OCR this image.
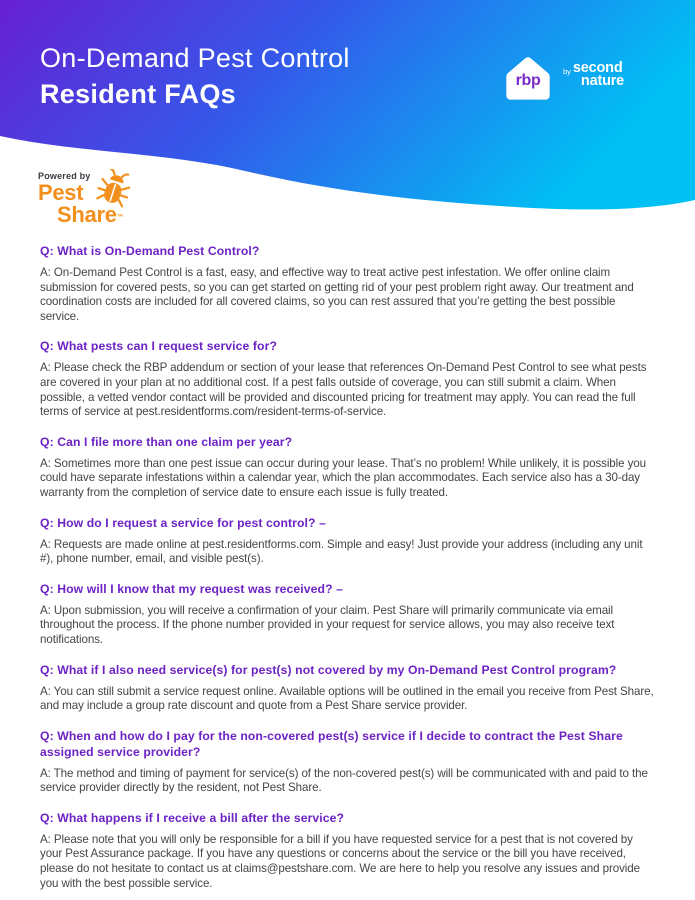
On-Demand Pest Control
Resident FAQs	rbp
by second
nature
Powered by
Pest
Share ™
Q: What is On-Demand Pest Control?

A: On-Demand Pest Control is a fast, easy, and effective way to treat active pest infestation. We offer online claim submission for covered pests, so you can get started on getting rid of your pest problem right away. Our treatment and coordination costs are included for all covered claims, so you can rest assured that you’re getting the best possible service.

Q: What pests can I request service for?

A: Please check the RBP addendum or section of your lease that references On-Demand Pest Control to see what pests are covered in your plan at no additional cost. If a pest falls outside of coverage, you can still submit a claim. When possible, a vetted vendor contact will be provided and discounted pricing for treatment may apply. You can read the full terms of service at pest.residentforms.com/resident-terms-of-service.

Q: Can I file more than one claim per year?

A: Sometimes more than one pest issue can occur during your lease. That’s no problem! While unlikely, it is possible you could have separate infestations within a calendar year, which the plan accommodates. Each service also has a 30-day warranty from the completion of service date to ensure each issue is fully treated.

Q: How do I request a service for pest control? –

A: Requests are made online at pest.residentforms.com. Simple and easy! Just provide your address (including any unit #), phone number, email, and visible pest(s).

Q: How will I know that my request was received? –

A: Upon submission, you will receive a confirmation of your claim. Pest Share will primarily communicate via email throughout the process. If the phone number provided in your request for service allows, you may also receive text notifications.

Q: What if I also need service(s) for pest(s) not covered by my On-Demand Pest Control program?

A: You can still submit a service request online. Available options will be outlined in the email you receive from Pest Share, and may include a group rate discount and quote from a Pest Share service provider.

Q: When and how do I pay for the non-covered pest(s) service if I decide to contract the Pest Share assigned service provider?

A: The method and timing of payment for service(s) of the non-covered pest(s) will be communicated with and paid to the service provider directly by the resident, not Pest Share.

Q: What happens if I receive a bill after the service?

A: Please note that you will only be responsible for a bill if you have requested service for a pest that is not covered by your Pest Assurance package. If you have any questions or concerns about the service or the bill you have received, please do not hesitate to contact us at claims@pestshare.com. We are here to help you resolve any issues and provide you with the best possible service.
